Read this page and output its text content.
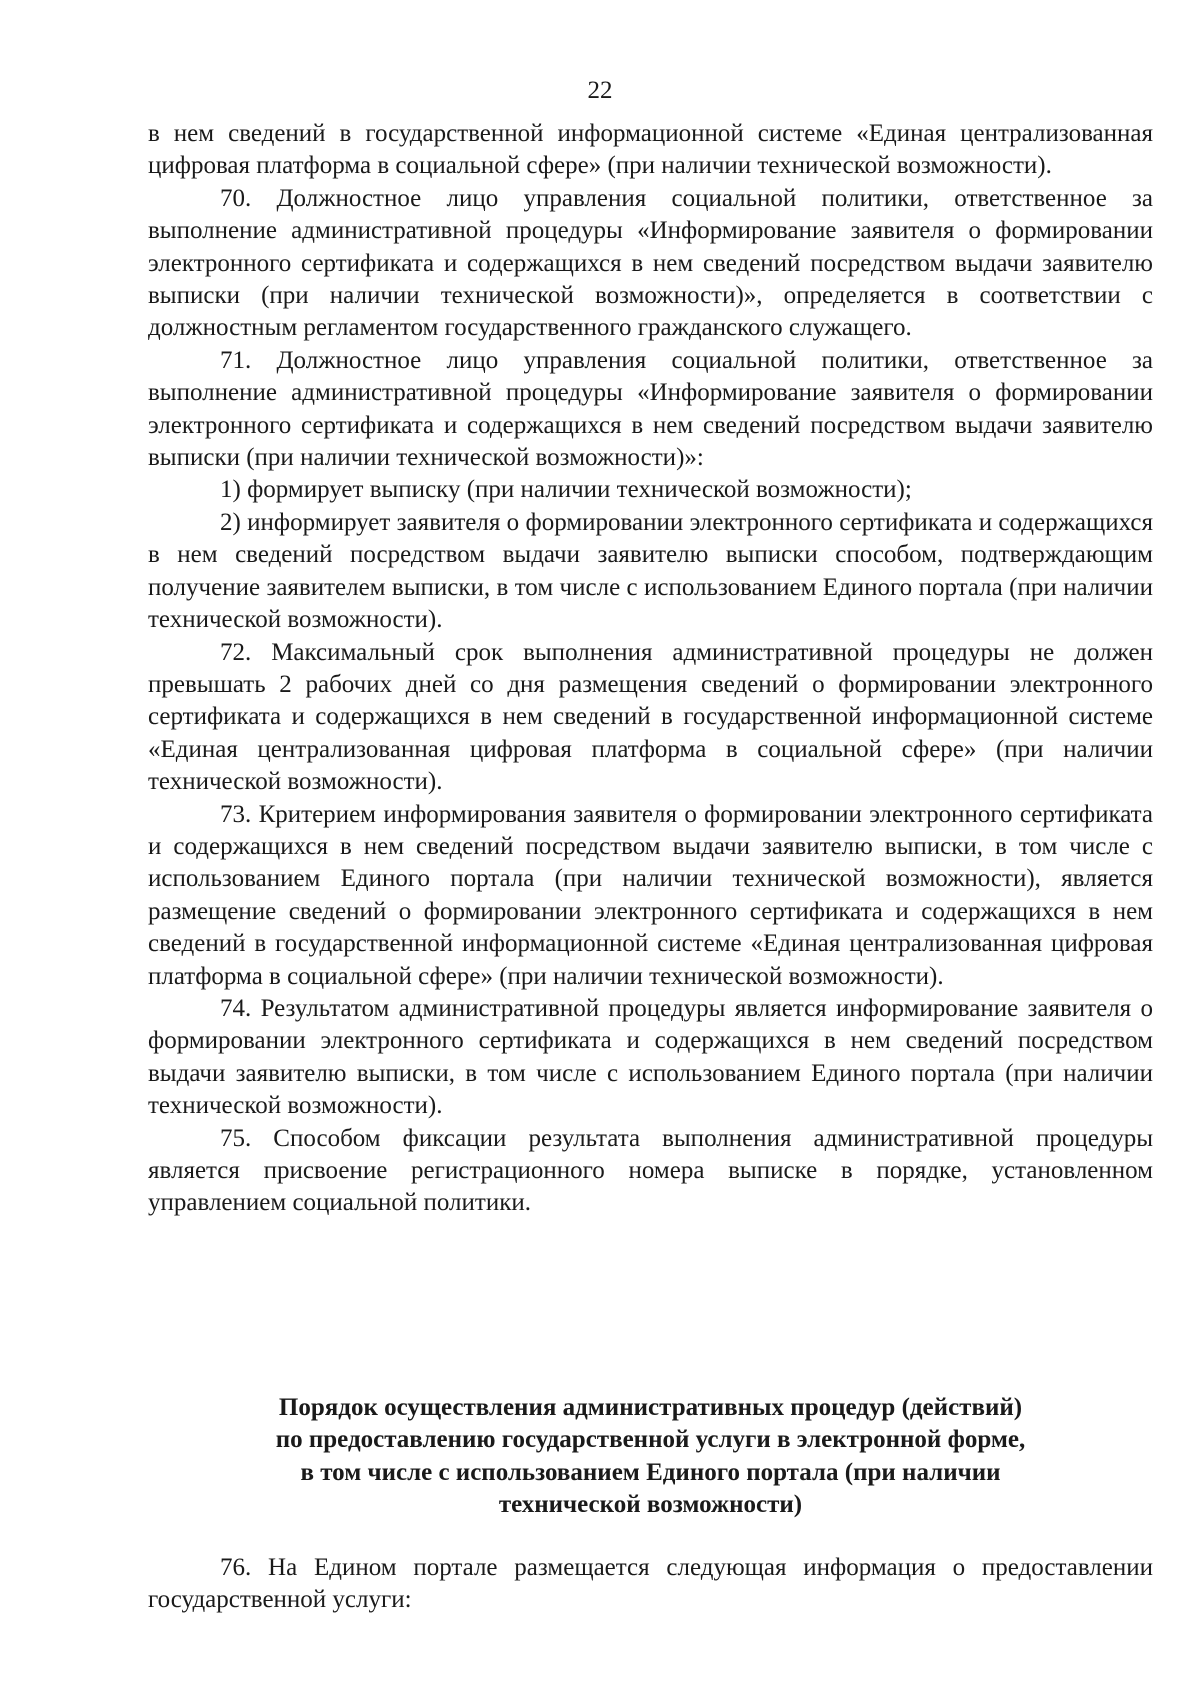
22

в нем сведений в государственной информационной системе «Единая централизованная цифровая платформа в социальной сфере» (при наличии технической возможности).

70. Должностное лицо управления социальной политики, ответственное за выполнение административной процедуры «Информирование заявителя о формировании электронного сертификата и содержащихся в нем сведений посредством выдачи заявителю выписки (при наличии технической возможности)», определяется в соответствии с должностным регламентом государственного гражданского служащего.

71. Должностное лицо управления социальной политики, ответственное за выполнение административной процедуры «Информирование заявителя о формировании электронного сертификата и содержащихся в нем сведений посредством выдачи заявителю выписки (при наличии технической возможности)»:

1) формирует выписку (при наличии технической возможности);

2) информирует заявителя о формировании электронного сертификата и содержащихся в нем сведений посредством выдачи заявителю выписки способом, подтверждающим получение заявителем выписки, в том числе с использованием Единого портала (при наличии технической возможности).

72. Максимальный срок выполнения административной процедуры не должен превышать 2 рабочих дней со дня размещения сведений о формировании электронного сертификата и содержащихся в нем сведений в государственной информационной системе «Единая централизованная цифровая платформа в социальной сфере» (при наличии технической возможности).

73. Критерием информирования заявителя о формировании электронного сертификата и содержащихся в нем сведений посредством выдачи заявителю выписки, в том числе с использованием Единого портала (при наличии технической возможности), является размещение сведений о формировании электронного сертификата и содержащихся в нем сведений в государственной информационной системе «Единая централизованная цифровая платформа в социальной сфере» (при наличии технической возможности).

74. Результатом административной процедуры является информирование заявителя о формировании электронного сертификата и содержащихся в нем сведений посредством выдачи заявителю выписки, в том числе с использованием Единого портала (при наличии технической возможности).

75. Способом фиксации результата выполнения административной процедуры является присвоение регистрационного номера выписке в порядке, установленном управлением социальной политики.

Порядок осуществления административных процедур (действий)
по предоставлению государственной услуги в электронной форме,
в том числе с использованием Единого портала (при наличии
технической возможности)

76. На Едином портале размещается следующая информация о предоставлении государственной услуги:
